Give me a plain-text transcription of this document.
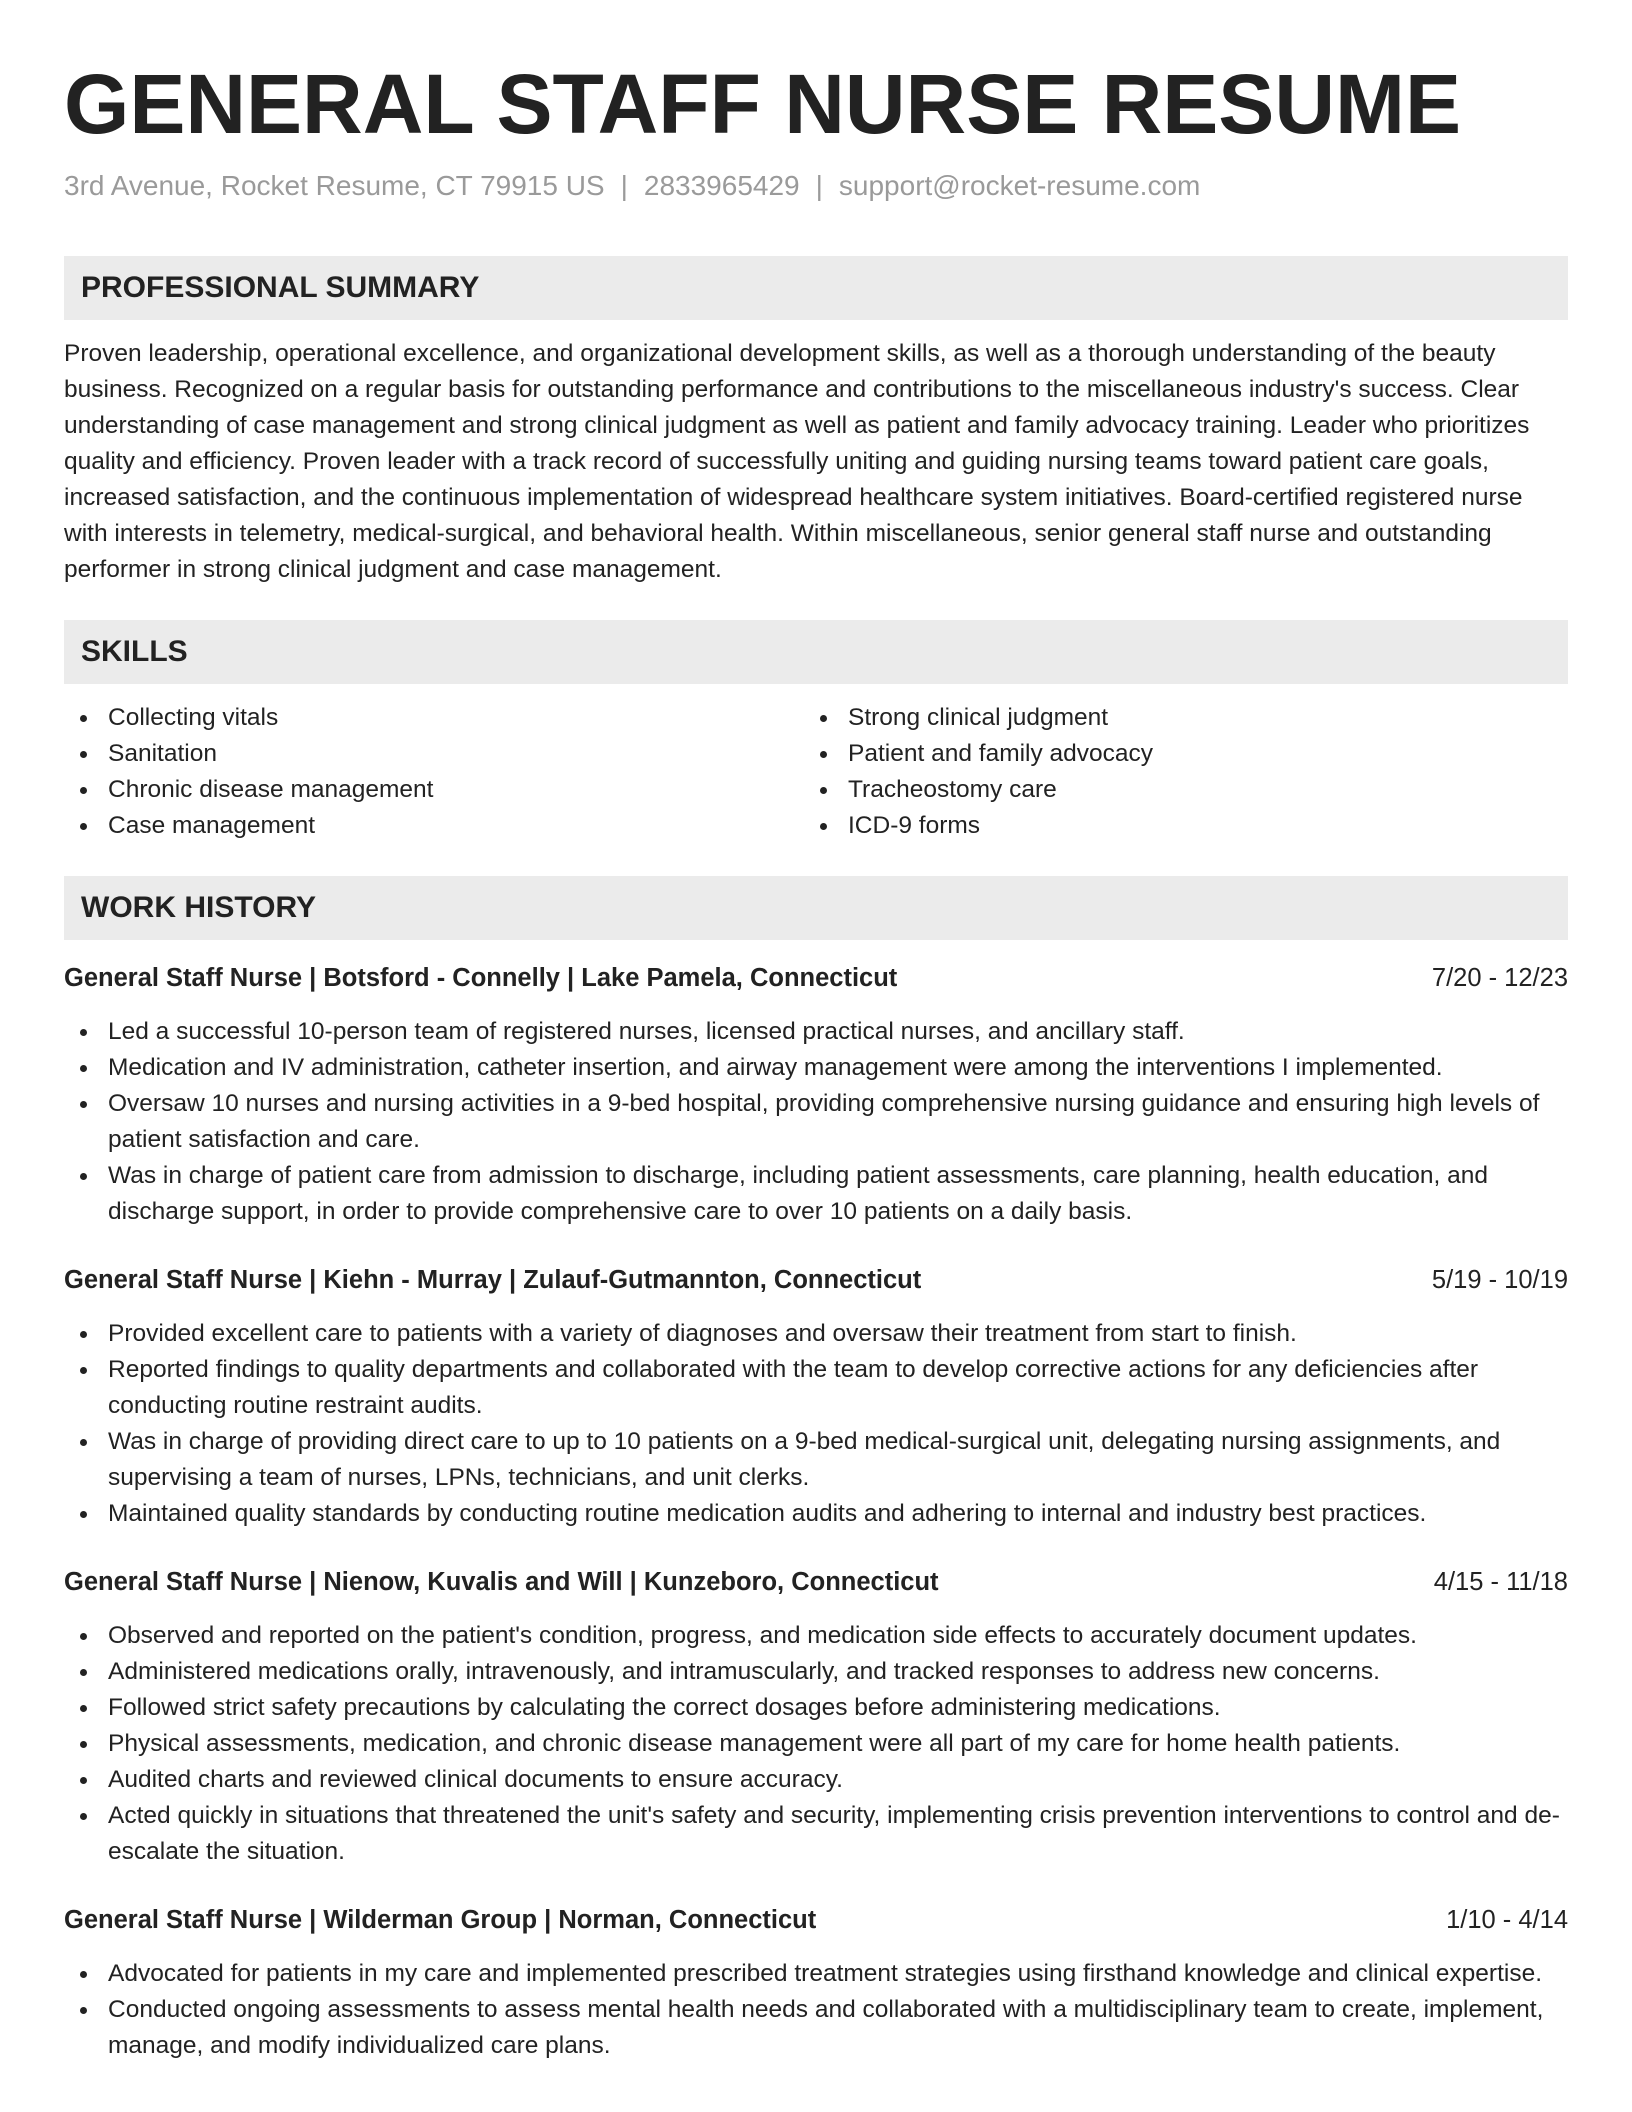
GENERAL STAFF NURSE RESUME
3rd Avenue, Rocket Resume, CT 79915 US | 2833965429 | support@rocket-resume.com
PROFESSIONAL SUMMARY

Proven leadership, operational excellence, and organizational development skills, as well as a thorough understanding of the beauty business. Recognized on a regular basis for outstanding performance and contributions to the miscellaneous industry's success. Clear understanding of case management and strong clinical judgment as well as patient and family advocacy training. Leader who prioritizes quality and efficiency. Proven leader with a track record of successfully uniting and guiding nursing teams toward patient care goals, increased satisfaction, and the continuous implementation of widespread healthcare system initiatives. Board-certified registered nurse with interests in telemetry, medical-surgical, and behavioral health. Within miscellaneous, senior general staff nurse and outstanding performer in strong clinical judgment and case management.

SKILLS
Collecting vitals
Sanitation
Chronic disease management
Case management
Strong clinical judgment
Patient and family advocacy
Tracheostomy care
ICD-9 forms
WORK HISTORY
General Staff Nurse | Botsford - Connelly | Lake Pamela, Connecticut	7/20 - 12/23
Led a successful 10-person team of registered nurses, licensed practical nurses, and ancillary staff.
Medication and IV administration, catheter insertion, and airway management were among the interventions I implemented.
Oversaw 10 nurses and nursing activities in a 9-bed hospital, providing comprehensive nursing guidance and ensuring high levels of patient satisfaction and care.
Was in charge of patient care from admission to discharge, including patient assessments, care planning, health education, and discharge support, in order to provide comprehensive care to over 10 patients on a daily basis.
General Staff Nurse | Kiehn - Murray | Zulauf-Gutmannton, Connecticut	5/19 - 10/19
Provided excellent care to patients with a variety of diagnoses and oversaw their treatment from start to finish.
Reported findings to quality departments and collaborated with the team to develop corrective actions for any deficiencies after conducting routine restraint audits.
Was in charge of providing direct care to up to 10 patients on a 9-bed medical-surgical unit, delegating nursing assignments, and supervising a team of nurses, LPNs, technicians, and unit clerks.
Maintained quality standards by conducting routine medication audits and adhering to internal and industry best practices.
General Staff Nurse | Nienow, Kuvalis and Will | Kunzeboro, Connecticut	4/15 - 11/18
Observed and reported on the patient's condition, progress, and medication side effects to accurately document updates.
Administered medications orally, intravenously, and intramuscularly, and tracked responses to address new concerns.
Followed strict safety precautions by calculating the correct dosages before administering medications.
Physical assessments, medication, and chronic disease management were all part of my care for home health patients.
Audited charts and reviewed clinical documents to ensure accuracy.
Acted quickly in situations that threatened the unit's safety and security, implementing crisis prevention interventions to control and de-escalate the situation.
General Staff Nurse | Wilderman Group | Norman, Connecticut	1/10 - 4/14
Advocated for patients in my care and implemented prescribed treatment strategies using firsthand knowledge and clinical expertise.
Conducted ongoing assessments to assess mental health needs and collaborated with a multidisciplinary team to create, implement, manage, and modify individualized care plans.
